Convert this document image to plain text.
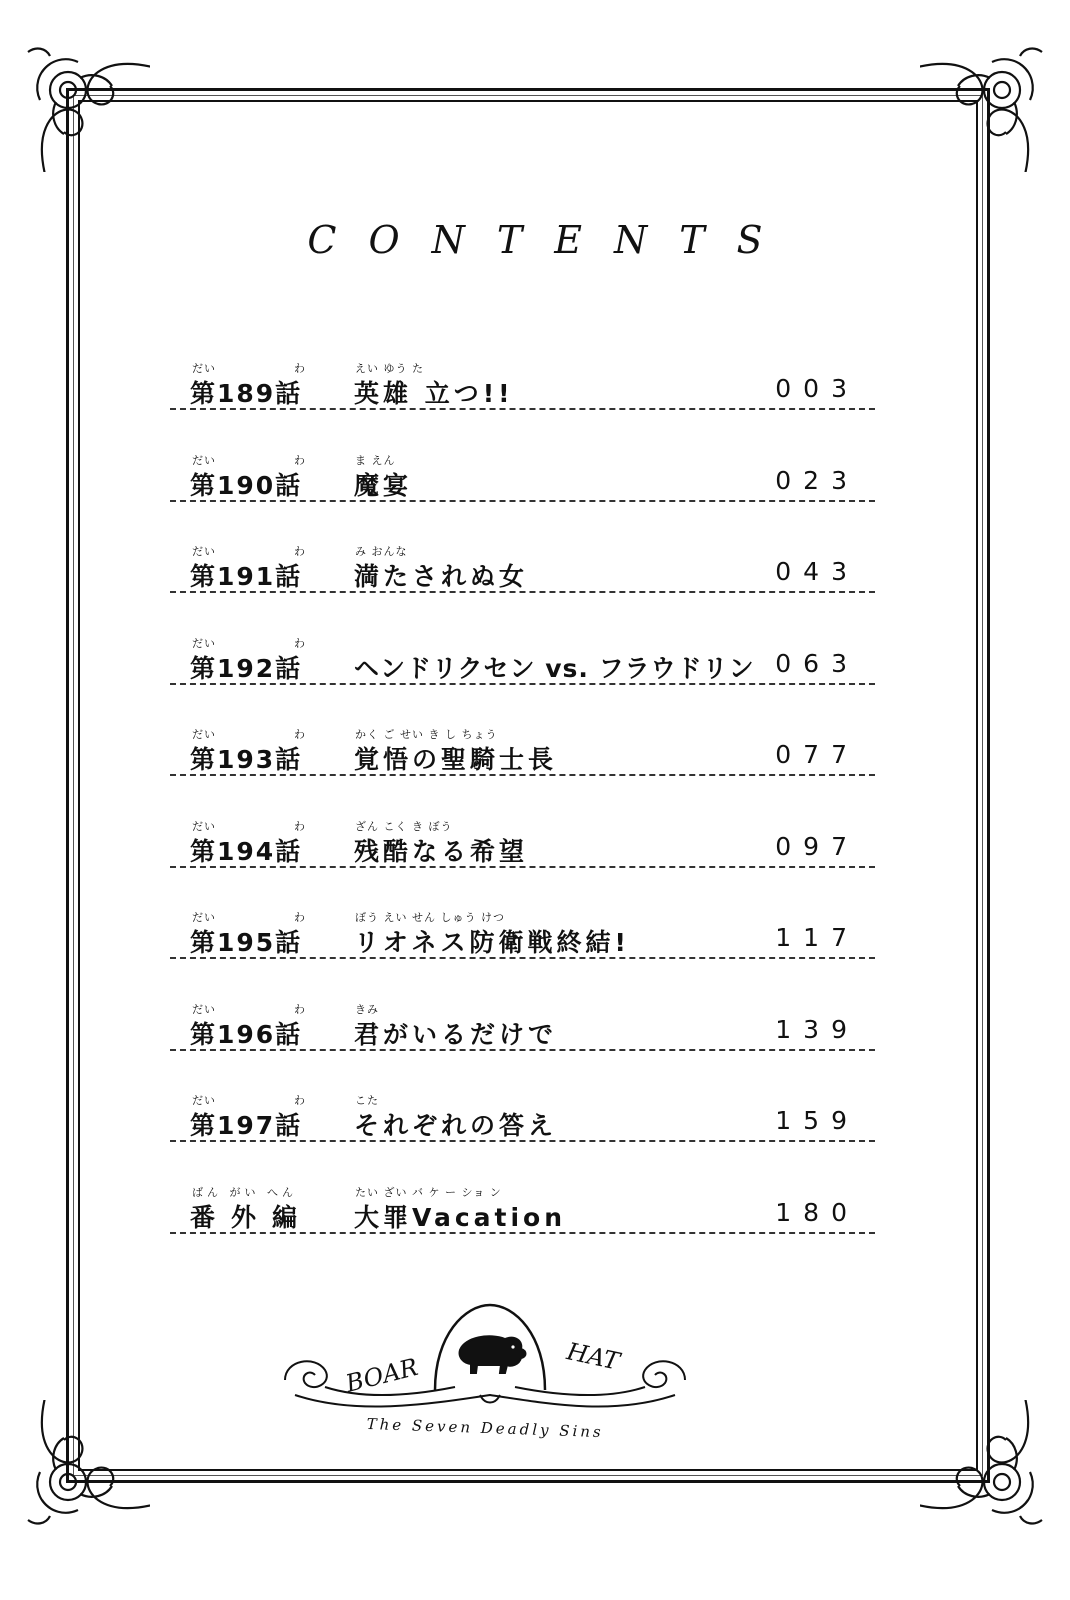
CONTENTS
だい	わ	えい ゆう た
第189話 英雄 立つ!!	003
だい	わ	ま えん
第190話 魔宴	023
だい	わ	み おんな
第191話 満たされぬ女	043
だい	わ
第192話 ヘンドリクセン vs. フラウドリン 063
だい	わ	かく ご せい き し ちょう
第193話 覚悟の聖騎士長	077
だい	わ	ざん こく き ぼう
第194話 残酷なる希望	097
だい	わ	ぼう えい せん しゅう けつ
第195話 リオネス防衛戦終結!	117
だい	わ	きみ
第196話 君がいるだけで	139
だい	わ	こた
第197話 それぞれの答え	159
ばん がい へん	たい ざい バ ケ ー ショ ン
番外編 大罪Vacation	180
BOAR	HAT
The Seven Deadly Sins
